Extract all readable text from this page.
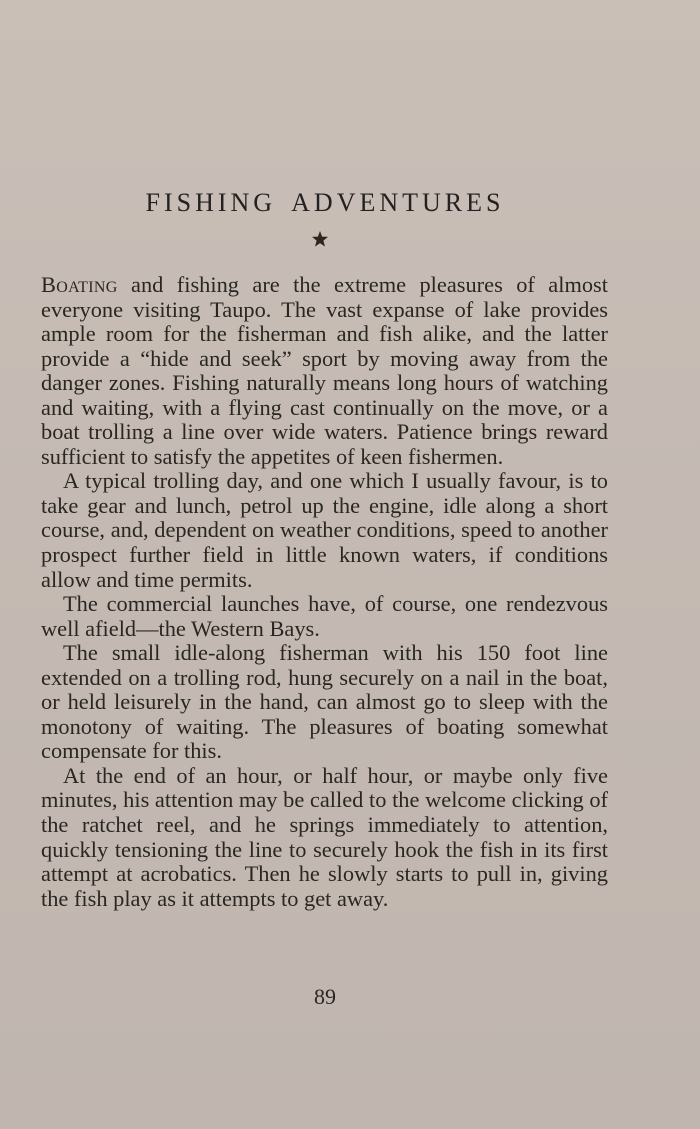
FISHING ADVENTURES

Boating and fishing are the extreme pleasures of almost everyone visiting Taupo. The vast expanse of lake provides ample room for the fisherman and fish alike, and the latter provide a “hide and seek” sport by moving away from the danger zones. Fishing naturally means long hours of watching and waiting, with a flying cast continually on the move, or a boat trolling a line over wide waters. Patience brings reward sufficient to satisfy the appetites of keen fishermen.

A typical trolling day, and one which I usually favour, is to take gear and lunch, petrol up the engine, idle along a short course, and, dependent on weather conditions, speed to another prospect further field in little known waters, if conditions allow and time permits.

The commercial launches have, of course, one rendezvous well afield—the Western Bays.

The small idle-along fisherman with his 150 foot line extended on a trolling rod, hung securely on a nail in the boat, or held leisurely in the hand, can almost go to sleep with the monotony of waiting. The pleasures of boating somewhat compensate for this.

At the end of an hour, or half hour, or maybe only five minutes, his attention may be called to the welcome clicking of the ratchet reel, and he springs immediately to attention, quickly tensioning the line to securely hook the fish in its first attempt at acrobatics. Then he slowly starts to pull in, giving the fish play as it attempts to get away.

89
